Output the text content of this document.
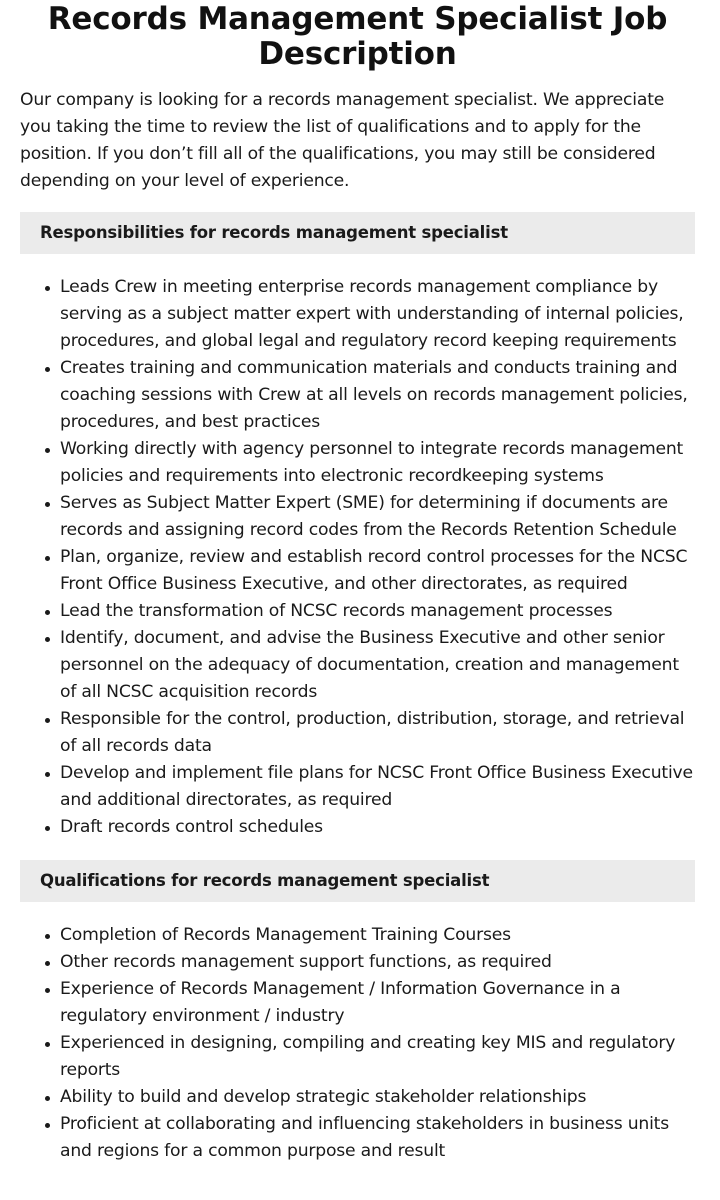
Records Management Specialist Job Description

Our company is looking for a records management specialist. We appreciate you taking the time to review the list of qualifications and to apply for the position. If you don’t fill all of the qualifications, you may still be considered depending on your level of experience.

Responsibilities for records management specialist
Leads Crew in meeting enterprise records management compliance by serving as a subject matter expert with understanding of internal policies, procedures, and global legal and regulatory record keeping requirements
Creates training and communication materials and conducts training and coaching sessions with Crew at all levels on records management policies, procedures, and best practices
Working directly with agency personnel to integrate records management policies and requirements into electronic recordkeeping systems
Serves as Subject Matter Expert (SME) for determining if documents are records and assigning record codes from the Records Retention Schedule
Plan, organize, review and establish record control processes for the NCSC Front Office Business Executive, and other directorates, as required
Lead the transformation of NCSC records management processes
Identify, document, and advise the Business Executive and other senior personnel on the adequacy of documentation, creation and management of all NCSC acquisition records
Responsible for the control, production, distribution, storage, and retrieval of all records data
Develop and implement file plans for NCSC Front Office Business Executive and additional directorates, as required
Draft records control schedules
Qualifications for records management specialist
Completion of Records Management Training Courses
Other records management support functions, as required
Experience of Records Management / Information Governance in a regulatory environment / industry
Experienced in designing, compiling and creating key MIS and regulatory reports
Ability to build and develop strategic stakeholder relationships
Proficient at collaborating and influencing stakeholders in business units and regions for a common purpose and result
